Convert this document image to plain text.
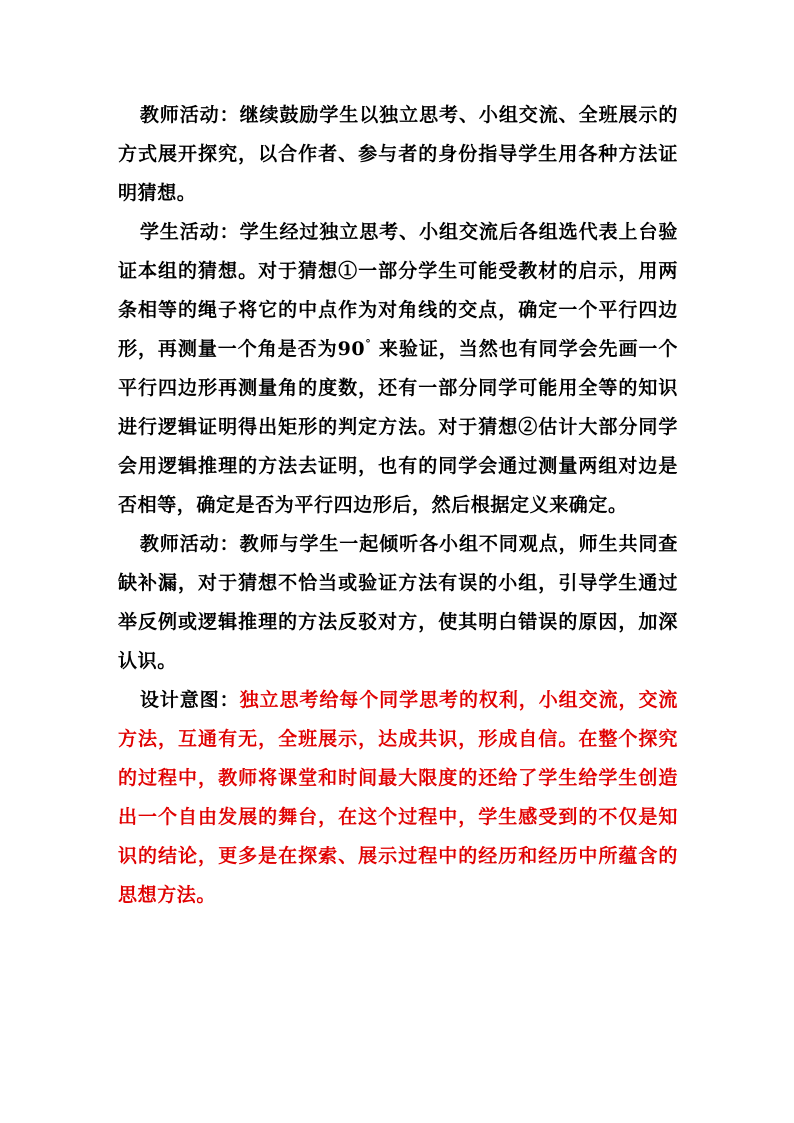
教师活动：继续鼓励学生以独立思考、小组交流、全班展示的方式展开探究，以合作者、参与者的身份指导学生用各种方法证明猜想。

学生活动：学生经过独立思考、小组交流后各组选代表上台验证本组的猜想。对于猜想①一部分学生可能受教材的启示，用两条相等的绳子将它的中点作为对角线的交点，确定一个平行四边形，再测量一个角是否为90° 来验证，当然也有同学会先画一个平行四边形再测量角的度数，还有一部分同学可能用全等的知识进行逻辑证明得出矩形的判定方法。对于猜想②估计大部分同学会用逻辑推理的方法去证明，也有的同学会通过测量两组对边是否相等，确定是否为平行四边形后，然后根据定义来确定。

教师活动：教师与学生一起倾听各小组不同观点，师生共同查缺补漏，对于猜想不恰当或验证方法有误的小组，引导学生通过举反例或逻辑推理的方法反驳对方，使其明白错误的原因，加深认识。

设计意图：独立思考给每个同学思考的权利，小组交流，交流方法，互通有无，全班展示，达成共识，形成自信。在整个探究的过程中，教师将课堂和时间最大限度的还给了学生给学生创造出一个自由发展的舞台，在这个过程中，学生感受到的不仅是知识的结论，更多是在探索、展示过程中的经历和经历中所蕴含的思想方法。
